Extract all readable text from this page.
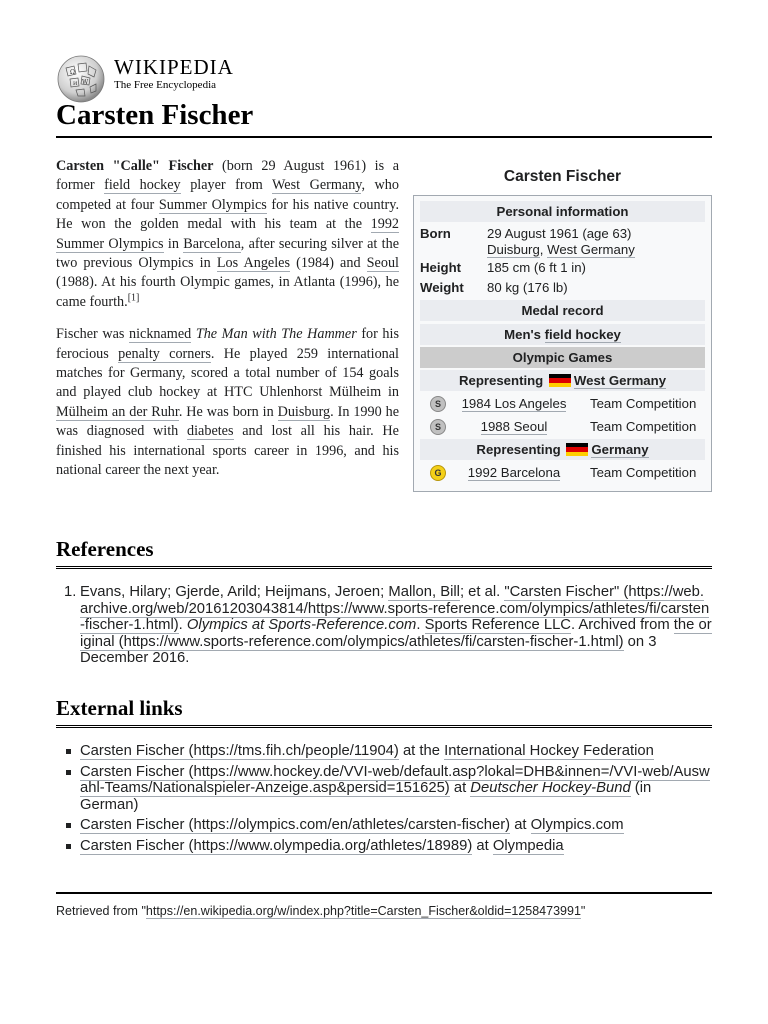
Ω
W
И
WIKIPEDIA
The Free Encyclopedia
Carsten Fischer

Carsten "Calle" Fischer (born 29 August 1961) is a former field hockey player from West Germany, who competed at four Summer Olympics for his native country. He won the golden medal with his team at the 1992 Summer Olympics in Barcelona, after securing silver at the two previous Olympics in Los Angeles (1984) and Seoul (1988). At his fourth Olympic games, in Atlanta (1996), he came fourth.[1]

Fischer was nicknamed The Man with The Hammer for his ferocious penalty corners. He played 259 international matches for Germany, scored a total number of 154 goals and played club hockey at HTC Uhlenhorst Mülheim in Mülheim an der Ruhr. He was born in Duisburg. In 1990 he was diagnosed with diabetes and lost all his hair. He finished his international sports career in 1996, and his national career the next year.

Carsten Fischer
Personal information
Born	29 August 1961 (age 63)
Duisburg, West Germany
Height 185 cm (6 ft 1 in)
Weight 80 kg (176 lb)
Medal record
Men's field hockey
Olympic Games
Representing West Germany
S	1984 Los Angeles	Team Competition
S	1988 Seoul	Team Competition
Representing Germany
G	1992 Barcelona	Team Competition
References
1. Evans, Hilary; Gjerde, Arild; Heijmans, Jeroen; Mallon, Bill; et al. "Carsten Fischer" (https://web.archive.org/web/20161203043814/https://www.sports-reference.com/olympics/athletes/fi/carsten-fischer-1.html). Olympics at Sports-Reference.com. Sports Reference LLC. Archived from the original (https://www.sports-reference.com/olympics/athletes/fi/carsten-fischer-1.html) on 3 December 2016.
External links
Carsten Fischer (https://tms.fih.ch/people/11904) at the International Hockey Federation
Carsten Fischer (https://www.hockey.de/VVI-web/default.asp?lokal=DHB&innen=/VVI-web/Auswahl-Teams/Nationalspieler-Anzeige.asp&persid=151625) at Deutscher Hockey-Bund (in German)
Carsten Fischer (https://olympics.com/en/athletes/carsten-fischer) at Olympics.com
Carsten Fischer (https://www.olympedia.org/athletes/18989) at Olympedia
Retrieved from "https://en.wikipedia.org/w/index.php?title=Carsten_Fischer&oldid=1258473991"
